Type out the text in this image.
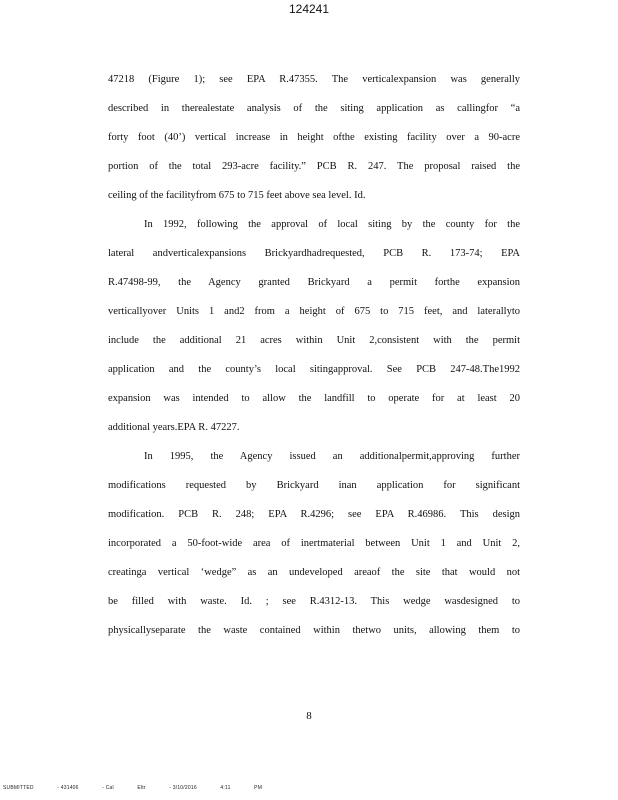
124241
47218 (Figure 1); see EPA R.47355. The verticalexpansion was generally
described in therealestate analysis of the siting application as callingfor “a
forty foot (40’) vertical increase in height ofthe existing facility over a 90-acre
portion of the total 293-acre facility.” PCB R. 247. The proposal raised the
ceiling of the facilityfrom 675 to 715 feet above sea level. Id.
In 1992, following the approval of local siting by the county for the
lateral andverticalexpansions Brickyardhadrequested, PCB R. 173-74; EPA
R.47498-99, the Agency granted Brickyard a permit forthe expansion
verticallyover Units 1 and2 from a height of 675 to 715 feet, and laterallyto
include the additional 21 acres within Unit 2,consistent with the permit
application and the county’s local sitingapproval. See PCB 247-48.The1992
expansion was intended to allow the landfill to operate for at least 20
additional years.EPA R. 47227.
In 1995, the Agency issued an additionalpermit,approving further
modifications requested by Brickyard inan application for significant
modification. PCB R. 248; EPA R.4296; see EPA R.46986. This design
incorporated a 50-foot-wide area of inertmaterial between Unit 1 and Unit 2,
creatinga vertical ‘wedge” as an undeveloped areaof the site that would not
be filled with waste. Id. ; see R.4312-13. This wedge wasdesigned to
physicallyseparate the waste contained within thetwo units, allowing them to
8
SUBMITTED	- 431406	- Cal	Eltr	- 3/10/2016	4:11	PM
